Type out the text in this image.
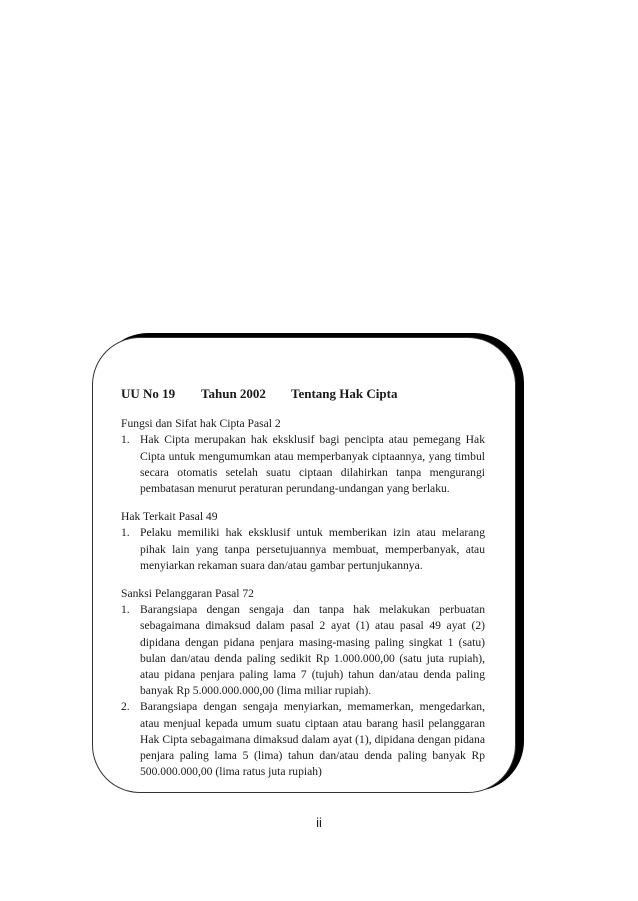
UU No 19	Tahun 2002	Tentang Hak Cipta

Fungsi dan Sifat hak Cipta Pasal 2

1. Hak Cipta merupakan hak eksklusif bagi pencipta atau pemegang Hak Cipta untuk mengumumkan atau memperbanyak ciptaannya, yang timbul secara otomatis setelah suatu ciptaan dilahirkan tanpa mengurangi pembatasan menurut peraturan perundang-undangan yang berlaku.

Hak Terkait Pasal 49

1. Pelaku memiliki hak eksklusif untuk memberikan izin atau melarang pihak lain yang tanpa persetujuannya membuat, memperbanyak, atau menyiarkan rekaman suara dan/atau gambar pertunjukannya.

Sanksi Pelanggaran Pasal 72

1. Barangsiapa dengan sengaja dan tanpa hak melakukan perbuatan sebagaimana dimaksud dalam pasal 2 ayat (1) atau pasal 49 ayat (2) dipidana dengan pidana penjara masing-masing paling singkat 1 (satu) bulan dan/atau denda paling sedikit Rp 1.000.000,00 (satu juta rupiah), atau pidana penjara paling lama 7 (tujuh) tahun dan/atau denda paling banyak Rp 5.000.000.000,00 (lima miliar rupiah).
2. Barangsiapa dengan sengaja menyiarkan, memamerkan, mengedarkan, atau menjual kepada umum suatu ciptaan atau barang hasil pelanggaran Hak Cipta sebagaimana dimaksud dalam ayat (1), dipidana dengan pidana penjara paling lama 5 (lima) tahun dan/atau denda paling banyak Rp 500.000.000,00 (lima ratus juta rupiah)
ii
